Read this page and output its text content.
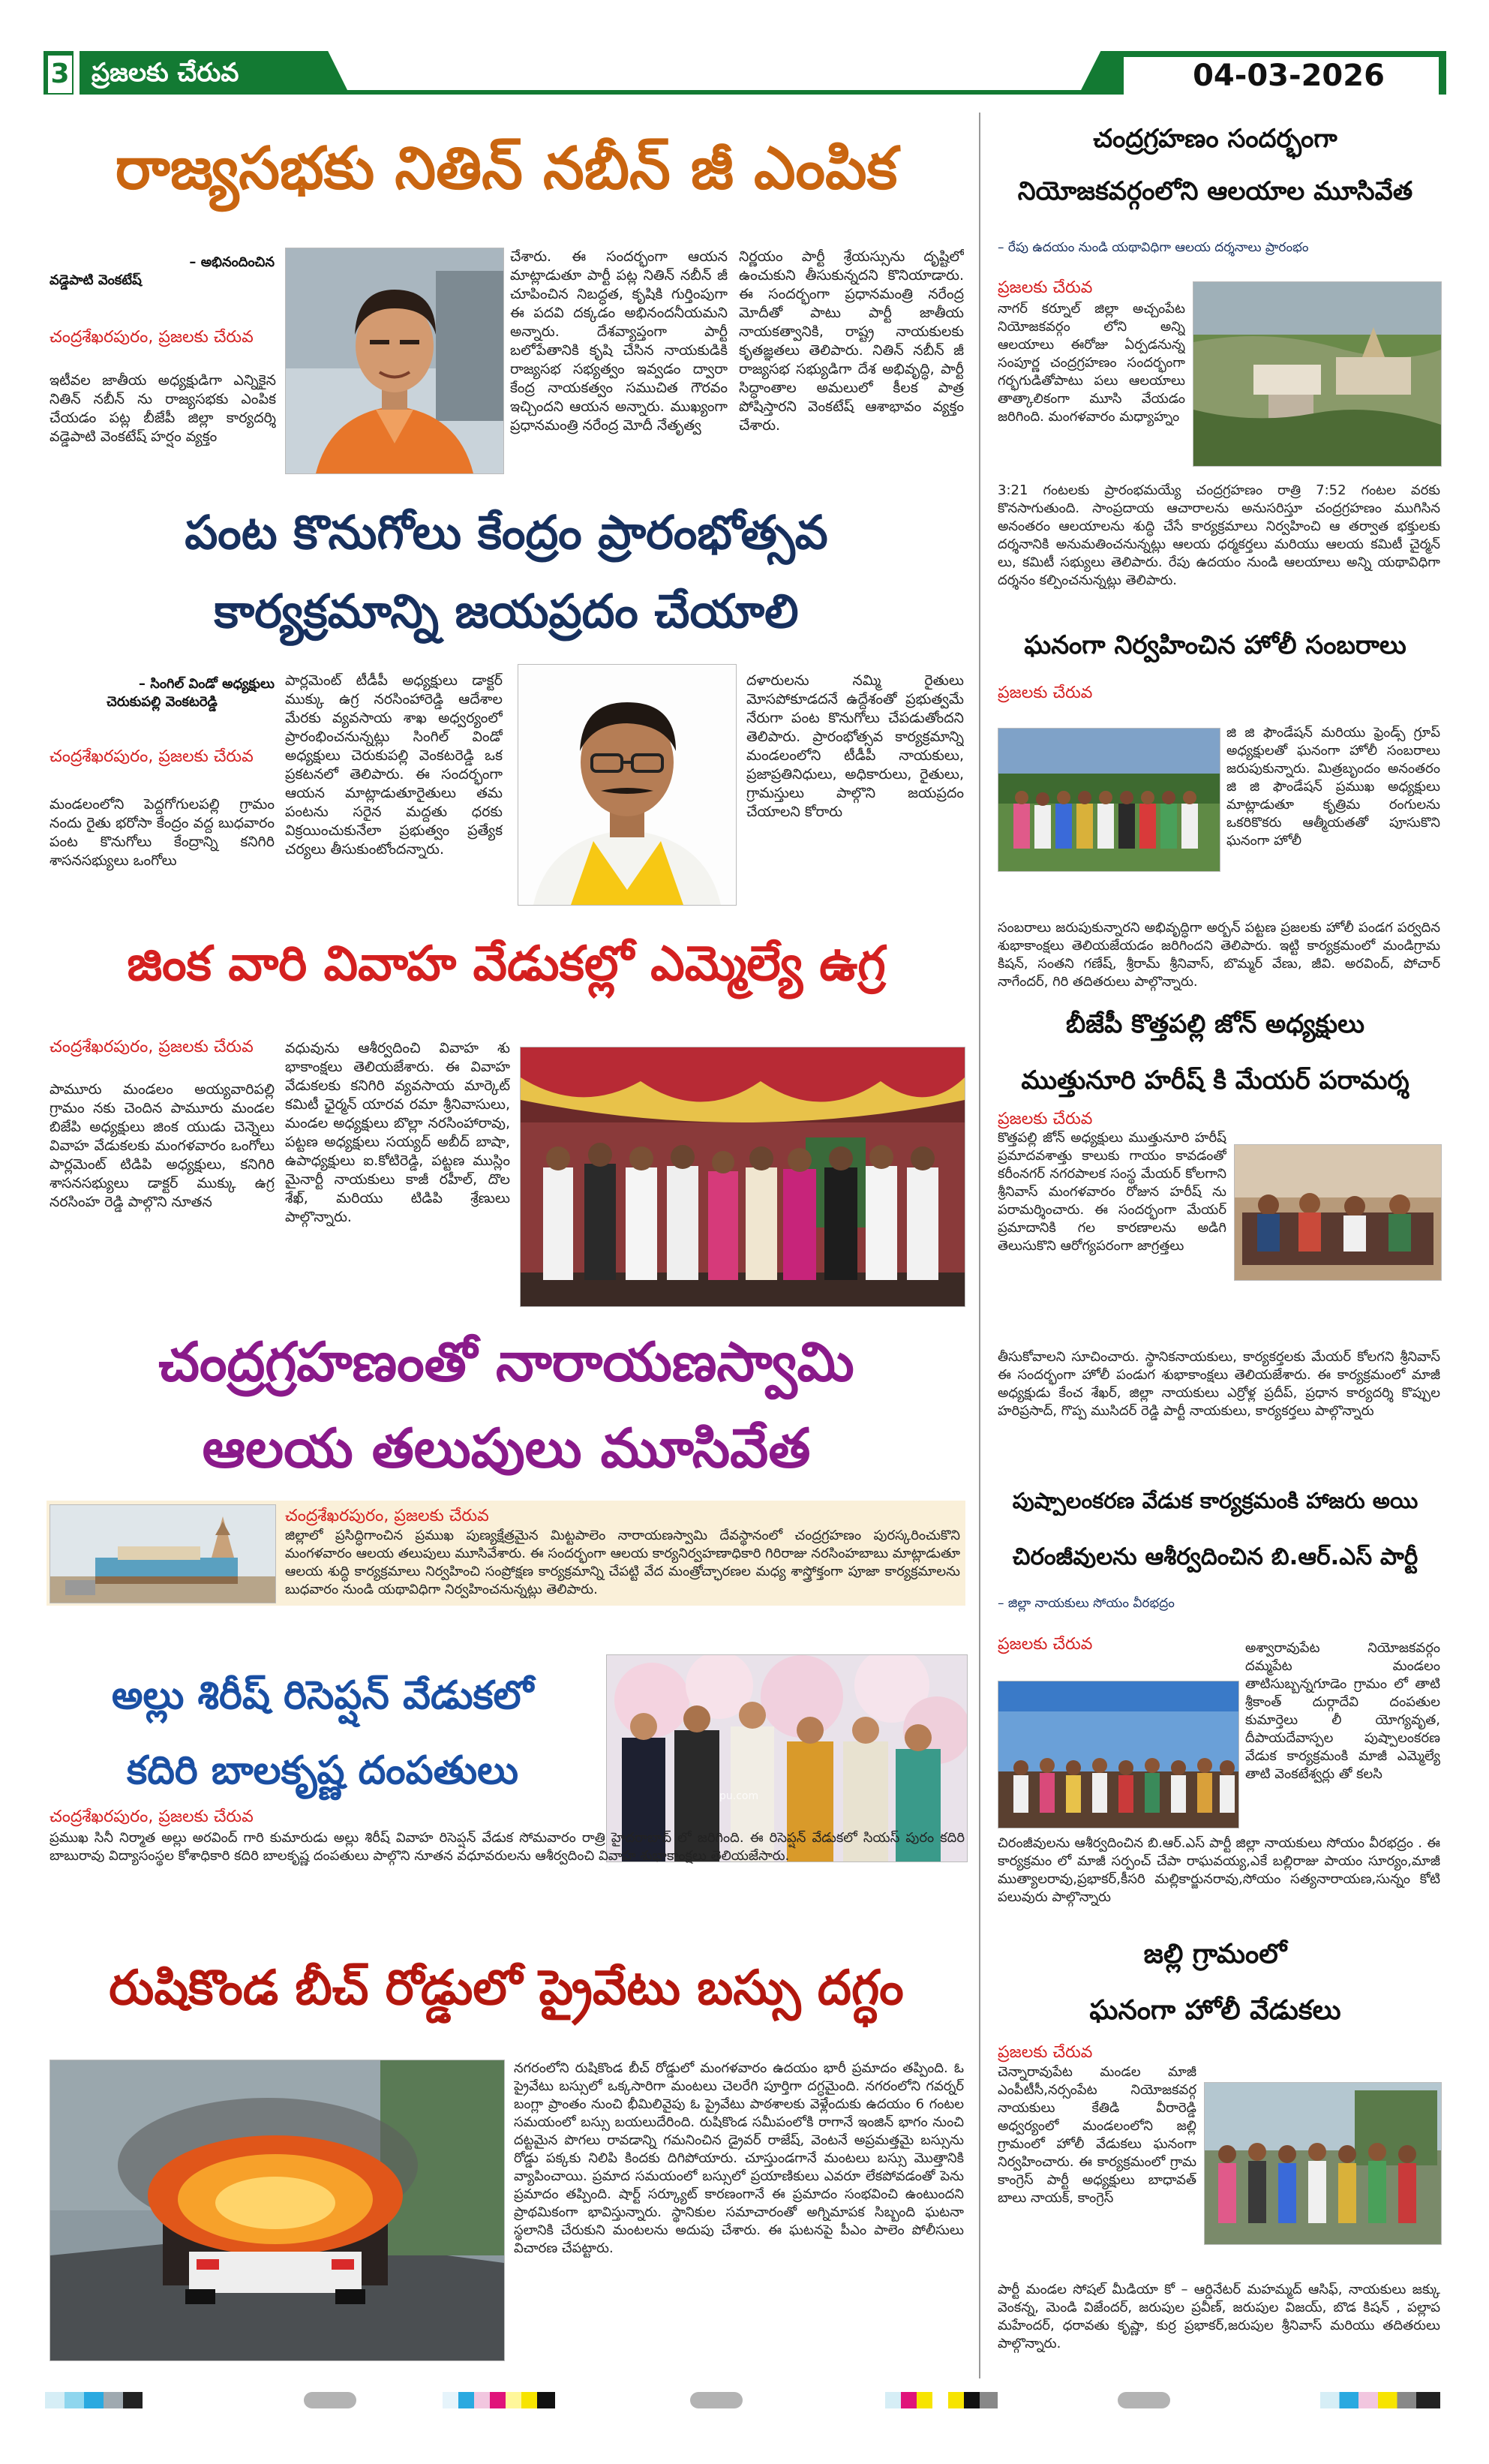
3 ప్రజలకు చేరువ	04-03-2026
రాజ్యసభకు నితిన్ నబీన్ జీ ఎంపిక
– అభినందించిన
వడ్డెపాటి వెంకటేష్
చంద్రశేఖరపురం, ప్రజలకు చేరువ
ఇటీవల జాతీయ అధ్యక్షుడిగా ఎన్నికైన నితిన్ నబీన్ ను రాజ్యసభకు ఎంపిక చేయడం పట్ల బీజేపీ జిల్లా కార్యదర్శి వడ్డెపాటి వెంకటేష్ హర్షం వ్యక్తం
చేశారు. ఈ సందర్భంగా ఆయన మాట్లాడుతూ పార్టీ పట్ల నితిన్ నబీన్ జీ చూపించిన నిబద్ధత, కృషికి గుర్తింపుగా ఈ పదవి దక్కడం అభినందనీయమని అన్నారు. దేశవ్యాప్తంగా పార్టీ బలోపేతానికి కృషి చేసిన నాయకుడికి రాజ్యసభ సభ్యత్వం ఇవ్వడం ద్వారా కేంద్ర నాయకత్వం సముచిత గౌరవం ఇచ్చిందని ఆయన అన్నారు. ముఖ్యంగా ప్రధానమంత్రి నరేంద్ర మోదీ నేతృత్వ
నిర్ణయం పార్టీ శ్రేయస్సును దృష్టిలో ఉంచుకుని తీసుకున్నదని కొనియాడారు. ఈ సందర్భంగా ప్రధానమంత్రి నరేంద్ర మోదీతో పాటు పార్టీ జాతీయ నాయకత్వానికి, రాష్ట్ర నాయకులకు కృతజ్ఞతలు తెలిపారు. నితిన్ నబీన్ జీ రాజ్యసభ సభ్యుడిగా దేశ అభివృద్ధి, పార్టీ సిద్ధాంతాల అమలులో కీలక పాత్ర పోషిస్తారని వెంకటేష్ ఆశాభావం వ్యక్తం చేశారు.
పంట కొనుగోలు కేంద్రం ప్రారంభోత్సవ
కార్యక్రమాన్ని జయప్రదం చేయాలి
– సింగిల్ విండో అధ్యక్షులు
చెరుకుపల్లి వెంకటరెడ్డి
చంద్రశేఖరపురం, ప్రజలకు చేరువ
మండలంలోని పెద్దగోగులపల్లి గ్రామం నందు రైతు భరోసా కేంద్రం వద్ద బుధవారం పంట కొనుగోలు కేంద్రాన్ని కనిగిరి శాసనసభ్యులు ఒంగోలు
పార్లమెంట్ టీడీపీ అధ్యక్షులు డాక్టర్ ముక్కు ఉగ్ర నరసింహారెడ్డి ఆదేశాల మేరకు వ్యవసాయ శాఖ అధ్వర్యంలో ప్రారంభించనున్నట్లు సింగిల్ విండో అధ్యక్షులు చెరుకుపల్లి వెంకటరెడ్డి ఒక ప్రకటనలో తెలిపారు. ఈ సందర్భంగా ఆయన మాట్లాడుతూరైతులు తమ పంటను సరైన మద్దతు ధరకు విక్రయించుకునేలా ప్రభుత్వం ప్రత్యేక చర్యలు తీసుకుంటోందన్నారు.
దళారులను నమ్మి రైతులు మోసపోకూడదనే ఉద్దేశంతో ప్రభుత్వమే నేరుగా పంట కొనుగోలు చేపడుతోందని తెలిపారు. ప్రారంభోత్సవ కార్యక్రమాన్ని మండలంలోని టీడీపీ నాయకులు, ప్రజాప్రతినిధులు, అధికారులు, రైతులు, గ్రామస్తులు పాల్గొని జయప్రదం చేయాలని కోరారు
జింక వారి వివాహ వేడుకల్లో ఎమ్మెల్యే ఉగ్ర
చంద్రశేఖరపురం, ప్రజలకు చేరువ
పామూరు మండలం అయ్యవారిపల్లి గ్రామం నకు చెందిన పామూరు మండల బిజేపి అధ్యక్షులు జింక యుడు చెన్నెలు వివాహ వేడుకలకు మంగళవారం ఒంగోలు పార్లమెంట్ టిడిపి అధ్యక్షులు, కనిగిరి శాసనసభ్యులు డాక్టర్ ముక్కు ఉగ్ర నరసింహ రెడ్డి పాల్గొని నూతన
వధువును ఆశీర్వదించి వివాహ శు భాకాంక్షలు తెలియజేశారు. ఈ వివాహ వేడుకలకు కనిగిరి వ్యవసాయ మార్కెట్ కమిటీ ఛైర్మన్ యారవ రమా శ్రీనివాసులు, మండల అధ్యక్షులు బొల్లా నరసింహారావు, పట్టణ అధ్యక్షులు సయ్యద్ అబీద్ బాషా, ఉపాధ్యక్షులు ఐ.కోటిరెడ్డి, పట్టణ ముస్లిం మైనార్టీ నాయకులు కాజీ రహీల్, దొల శేఖ్, మరియు టిడిపి శ్రేణులు పాల్గొన్నారు.
చంద్రగ్రహణంతో నారాయణస్వామి
ఆలయ తలుపులు మూసివేత
చంద్రశేఖరపురం, ప్రజలకు చేరువ
జిల్లాలో ప్రసిద్ధిగాంచిన ప్రముఖ పుణ్యక్షేత్రమైన మిట్టపాలెం నారాయణస్వామి దేవస్థానంలో చంద్రగ్రహణం పురస్కరించుకొని మంగళవారం ఆలయ తలుపులు మూసివేశారు. ఈ సందర్భంగా ఆలయ కార్యనిర్వహణాధికారి గిరిరాజు నరసింహబాబు మాట్లాడుతూ ఆలయ శుద్ధి కార్యక్రమాలు నిర్వహించి సంప్రోక్షణ కార్యక్రమాన్ని చేపట్టి వేద మంత్రోచ్ఛారణల మధ్య శాస్త్రోక్తంగా పూజా కార్యక్రమాలను బుధవారం నుండి యథావిధిగా నిర్వహించనున్నట్లు తెలిపారు.
అల్లు శిరీష్ రిసెప్షన్ వేడుకలో
కదిరి బాలకృష్ణ దంపతులు
pu.com
చంద్రశేఖరపురం, ప్రజలకు చేరువ
ప్రముఖ సినీ నిర్మాత అల్లు అరవింద్ గారి కుమారుడు అల్లు శిరీష్ వివాహ రిసెప్షన్ వేడుక సోమవారం రాత్రి హైదరాబాద్ లో జరిగింది. ఈ రిసెప్షన్ వేడుకలో సియస్ పురం కదిరి బాబురావు విద్యాసంస్థల కోశాధికారి కదిరి బాలకృష్ణ దంపతులు పాల్గొని నూతన వధూవరులను ఆశీర్వదించి వివాహ శుభాకాంక్షలు తెలియజేసారు.
రుషికొండ బీచ్ రోడ్డులో ప్రైవేటు బస్సు దగ్ధం
నగరంలోని రుషికొండ బీచ్ రోడ్డులో మంగళవారం ఉదయం భారీ ప్రమాదం తప్పింది. ఓ ప్రైవేటు బస్సులో ఒక్కసారిగా మంటలు చెలరేగి పూర్తిగా దగ్ధమైంది. నగరంలోని గవర్నర్ బంగ్లా ప్రాంతం నుంచి భీమిలివైపు ఓ ప్రైవేటు పాఠశాలకు వెళ్లేందుకు ఉదయం 6 గంటల సమయంలో బస్సు బయలుదేరింది. రుషికొండ సమీపంలోకి రాగానే ఇంజిన్ భాగం నుంచి దట్టమైన పొగలు రావడాన్ని గమనించిన డ్రైవర్ రాజేష్, వెంటనే అప్రమత్తమై బస్సును రోడ్డు పక్కకు నిలిపి కిందకు దిగిపోయారు. చూస్తుండగానే మంటలు బస్సు మొత్తానికి వ్యాపించాయి. ప్రమాద సమయంలో బస్సులో ప్రయాణికులు ఎవరూ లేకపోవడంతో పెను ప్రమాదం తప్పింది. షార్ట్ సర్క్యూట్ కారణంగానే ఈ ప్రమాదం సంభవించి ఉంటుందని ప్రాథమికంగా భావిస్తున్నారు. స్థానికుల సమాచారంతో అగ్నిమాపక సిబ్బంది ఘటనా స్థలానికి చేరుకుని మంటలను అదుపు చేశారు. ఈ ఘటనపై పీఎం పాలెం పోలీసులు విచారణ చేపట్టారు.
చంద్రగ్రహణం సందర్భంగా
నియోజకవర్గంలోని ఆలయాల మూసివేత
– రేపు ఉదయం నుండి యథావిధిగా ఆలయ దర్శనాలు ప్రారంభం
ప్రజలకు చేరువ
నాగర్ కర్నూల్ జిల్లా అచ్చంపేట నియోజకవర్గం లోని అన్ని ఆలయాలు ఈరోజు ఏర్పడనున్న సంపూర్ణ చంద్రగ్రహణం సందర్భంగా గర్భగుడితోపాటు పలు ఆలయాలు తాత్కాలికంగా మూసి వేయడం జరిగింది. మంగళవారం మధ్యాహ్నం
3:21 గంటలకు ప్రారంభమయ్యే చంద్రగ్రహణం రాత్రి 7:52 గంటల వరకు కొనసాగుతుంది. సాంప్రదాయ ఆచారాలను అనుసరిస్తూ చంద్రగ్రహణం ముగిసిన అనంతరం ఆలయాలను శుద్ధి చేసే కార్యక్రమాలు నిర్వహించి ఆ తర్వాత భక్తులకు దర్శనానికి అనుమతించనున్నట్లు ఆలయ ధర్మకర్తలు మరియు ఆలయ కమిటీ చైర్మన్ లు, కమిటీ సభ్యులు తెలిపారు. రేపు ఉదయం నుండి ఆలయాలు అన్ని యథావిధిగా దర్శనం కల్పించనున్నట్లు తెలిపారు.
ఘనంగా నిర్వహించిన హోలీ సంబరాలు
ప్రజలకు చేరువ
జి జి ఫౌండేషన్ మరియు ఫ్రెండ్స్ గ్రూప్ అధ్యక్షులతో ఘనంగా హోలీ సంబరాలు జరుపుకున్నారు. మిత్రబృందం అనంతరం జి జి ఫౌండేషన్ ప్రముఖ అధ్యక్షులు మాట్లాడుతూ కృత్రిమ రంగులను ఒకరికొకరు ఆత్మీయతతో పూసుకొని ఘనంగా హోలీ
సంబరాలు జరుపుకున్నారని అభివృద్ధిగా అర్బన్ పట్టణ ప్రజలకు హోలీ పండగ పర్వదిన శుభాకాంక్షలు తెలియజేయడం జరిగిందని తెలిపారు. ఇట్టి కార్యక్రమంలో మండిగ్రామ కిషన్, సంతని గణేష్, శ్రీరామ్ శ్రీనివాస్, బొమ్మర్ వేణు, జీవి. అరవింద్, పోచార్ నాగేందర్, గిరి తదితరులు పాల్గొన్నారు.
బీజేపీ కొత్తపల్లి జోన్ అధ్యక్షులు
ముత్తునూరి హరీష్ కి మేయర్ పరామర్శ
ప్రజలకు చేరువ
కొత్తపల్లి జోన్ అధ్యక్షులు ముత్తునూరి హరీష్ ప్రమాదవశాత్తు కాలుకు గాయం కావడంతో కరీంనగర్ నగరపాలక సంస్థ మేయర్ కోలగాని శ్రీనివాస్ మంగళవారం రోజున హరీష్ ను పరామర్శించారు. ఈ సందర్భంగా మేయర్ ప్రమాదానికి గల కారణాలను అడిగి తెలుసుకొని ఆరోగ్యపరంగా జాగ్రత్తలు
తీసుకోవాలని సూచించారు. స్థానికనాయకులు, కార్యకర్తలకు మేయర్ కోలగని శ్రీనివాస్ ఈ సందర్భంగా హోలీ పండుగ శుభాకాంక్షలు తెలియజేశారు. ఈ కార్యక్రమంలో మాజీ అధ్యక్షుడు కేంచ శేఖర్, జిల్లా నాయకులు ఎర్రోళ్ల ప్రదీప్, ప్రధాన కార్యదర్శి కొప్పుల హరిప్రసాద్, గొప్ప ముసిదర్ రెడ్డి పార్టీ నాయకులు, కార్యకర్తలు పాల్గొన్నారు
పుష్పాలంకరణ వేడుక కార్యక్రమంకి హాజరు అయి
చిరంజీవులను ఆశీర్వదించిన బి.ఆర్.ఎస్ పార్టీ
– జిల్లా నాయకులు సోయం వీరభద్రం
ప్రజలకు చేరువ	అశ్వారావుపేట నియోజకవర్గం దమ్మపేట మండలం తాటిసుబ్బన్నగూడెం గ్రామం లో తాటి శ్రీకాంత్ దుర్గాదేవి దంపతుల కుమార్తెలు లీ యోగ్యవృత, దీపాయదేవాస్పల పుష్పాలంకరణ వేడుక కార్యక్రమంకి మాజీ ఎమ్మెల్యే తాటి వెంకటేశ్వర్లు తో కలసి
చిరంజీవులను ఆశీర్వదించిన బి.ఆర్.ఎస్ పార్టీ జిల్లా నాయకులు సోయం వీరభద్రం . ఈ కార్యక్రమం లో మాజీ సర్పంచ్ చేపా రాఘవయ్య,ఎకే బల్లిరాజు పాయం సూర్యం,మాజీ ముత్యాలరావు,ప్రభాకర్,కీసరి మల్లికార్జునరావు,సోయం సత్యనారాయణ,సున్నం కోటి పలువురు పాల్గొన్నారు
జల్లి గ్రామంలో
ఘనంగా హోలీ వేడుకలు
ప్రజలకు చేరువ
చెన్నారావుపేట మండల మాజీ ఎంపీటీసీ,నర్సంపేట నియోజకవర్గ నాయకులు కేతిడి వీరారెడ్డి అధ్వర్యంలో మండలంలోని జల్లి గ్రామంలో హోలీ వేడుకలు ఘనంగా నిర్వహించారు. ఈ కార్యక్రమంలో గ్రామ కాంగ్రెస్ పార్టీ అధ్యక్షులు బాధావత్ బాలు నాయక్, కాంగ్రెస్
పార్టీ మండల సోషల్ మీడియా కో – ఆర్డినేటర్ మహమ్మద్ ఆసిఫ్, నాయకులు జక్కు వెంకన్న, మెండి విజేందర్, జరుపుల ప్రవీణ్, జరుపుల విజయ్, బొడ కిషన్ , పల్లాప మహేందర్, ధరావతు కృష్ణా, కుర్ర ప్రభాకర్,జరుపుల శ్రీనివాస్ మరియు తదితరులు పాల్గొన్నారు.
